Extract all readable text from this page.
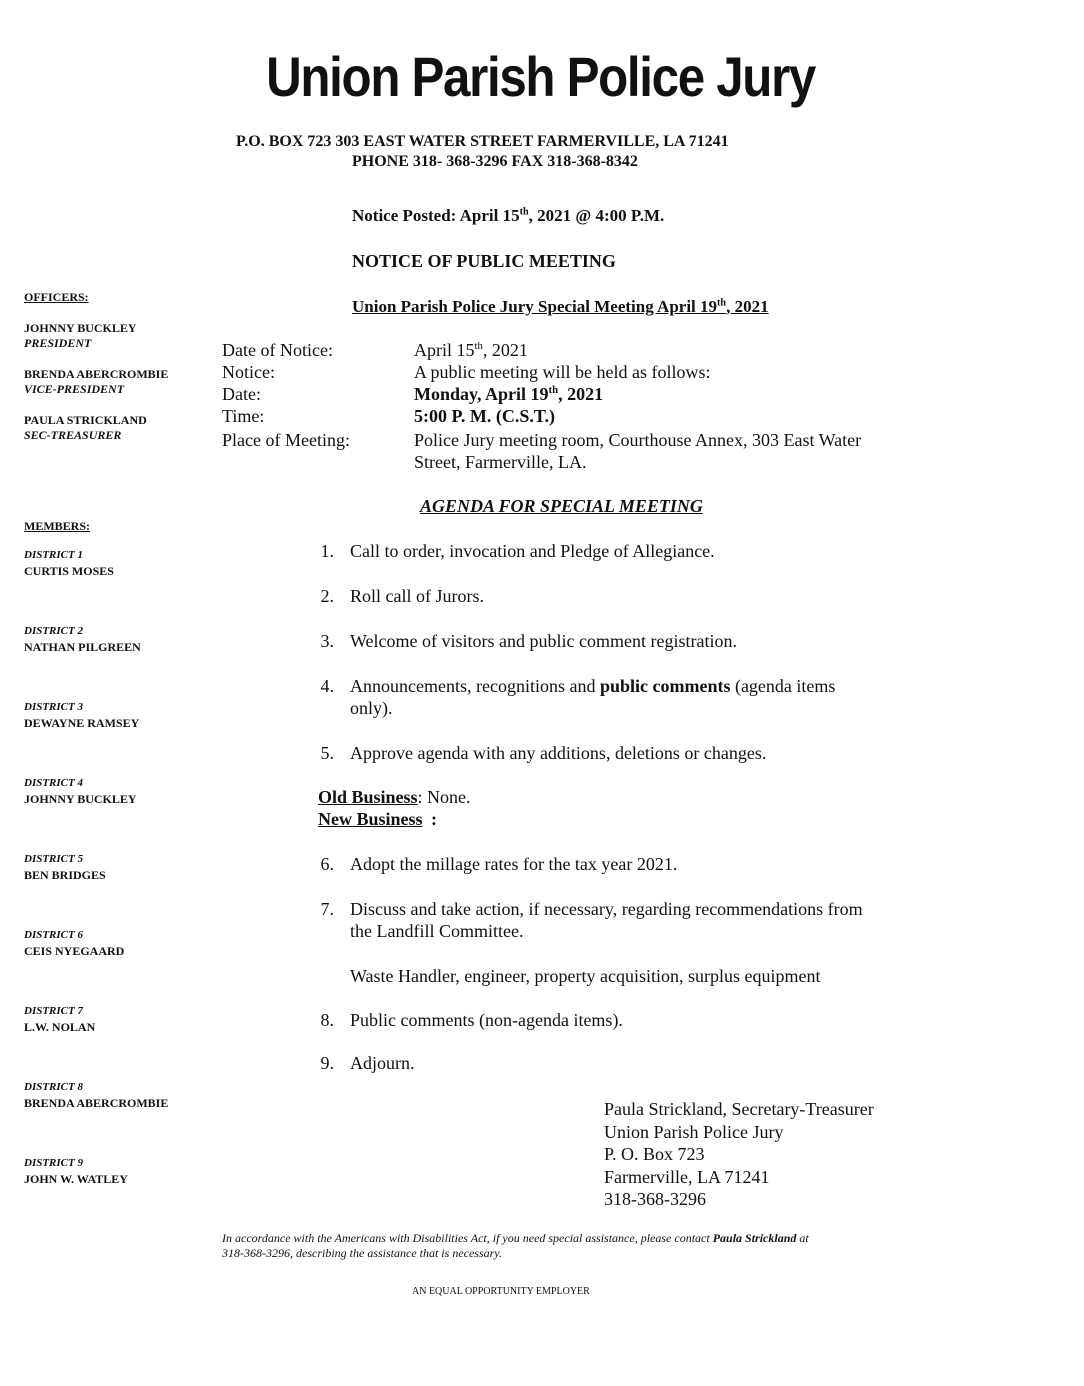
Union Parish Police Jury
P.O. BOX 723 303 EAST WATER STREET FARMERVILLE, LA 71241
PHONE 318- 368-3296 FAX 318-368-8342
Notice Posted: April 15th, 2021 @ 4:00 P.M.
NOTICE OF PUBLIC MEETING
Union Parish Police Jury Special Meeting April 19th, 2021
OFFICERS:
JOHNNY BUCKLEY
PRESIDENT
BRENDA ABERCROMBIE
VICE-PRESIDENT
PAULA STRICKLAND
SEC-TREASURER
MEMBERS:
DISTRICT 1
CURTIS MOSES
DISTRICT 2
NATHAN PILGREEN
DISTRICT 3
DEWAYNE RAMSEY
DISTRICT 4
JOHNNY BUCKLEY
DISTRICT 5
BEN BRIDGES
DISTRICT 6
CEIS NYEGAARD
DISTRICT 7
L.W. NOLAN
DISTRICT 8
BRENDA ABERCROMBIE
DISTRICT 9
JOHN W. WATLEY
Date of Notice:	April 15th, 2021
Notice:	A public meeting will be held as follows:
Date:	Monday, April 19th, 2021
Time:	5:00 P. M. (C.S.T.)
Place of Meeting:	Police Jury meeting room, Courthouse Annex, 303 East Water
Street, Farmerville, LA.
AGENDA FOR SPECIAL MEETING
1. Call to order, invocation and Pledge of Allegiance.
2. Roll call of Jurors.
3. Welcome of visitors and public comment registration.
4. Announcements, recognitions and public comments (agenda items
only).
5. Approve agenda with any additions, deletions or changes.
Old Business: None.
New Business :
6. Adopt the millage rates for the tax year 2021.
7. Discuss and take action, if necessary, regarding recommendations from
the Landfill Committee.
Waste Handler, engineer, property acquisition, surplus equipment
8. Public comments (non-agenda items).
9. Adjourn.
Paula Strickland, Secretary-Treasurer
Union Parish Police Jury
P. O. Box 723
Farmerville, LA 71241
318-368-3296
In accordance with the Americans with Disabilities Act, if you need special assistance, please contact Paula Strickland at
318-368-3296, describing the assistance that is necessary.
AN EQUAL OPPORTUNITY EMPLOYER
